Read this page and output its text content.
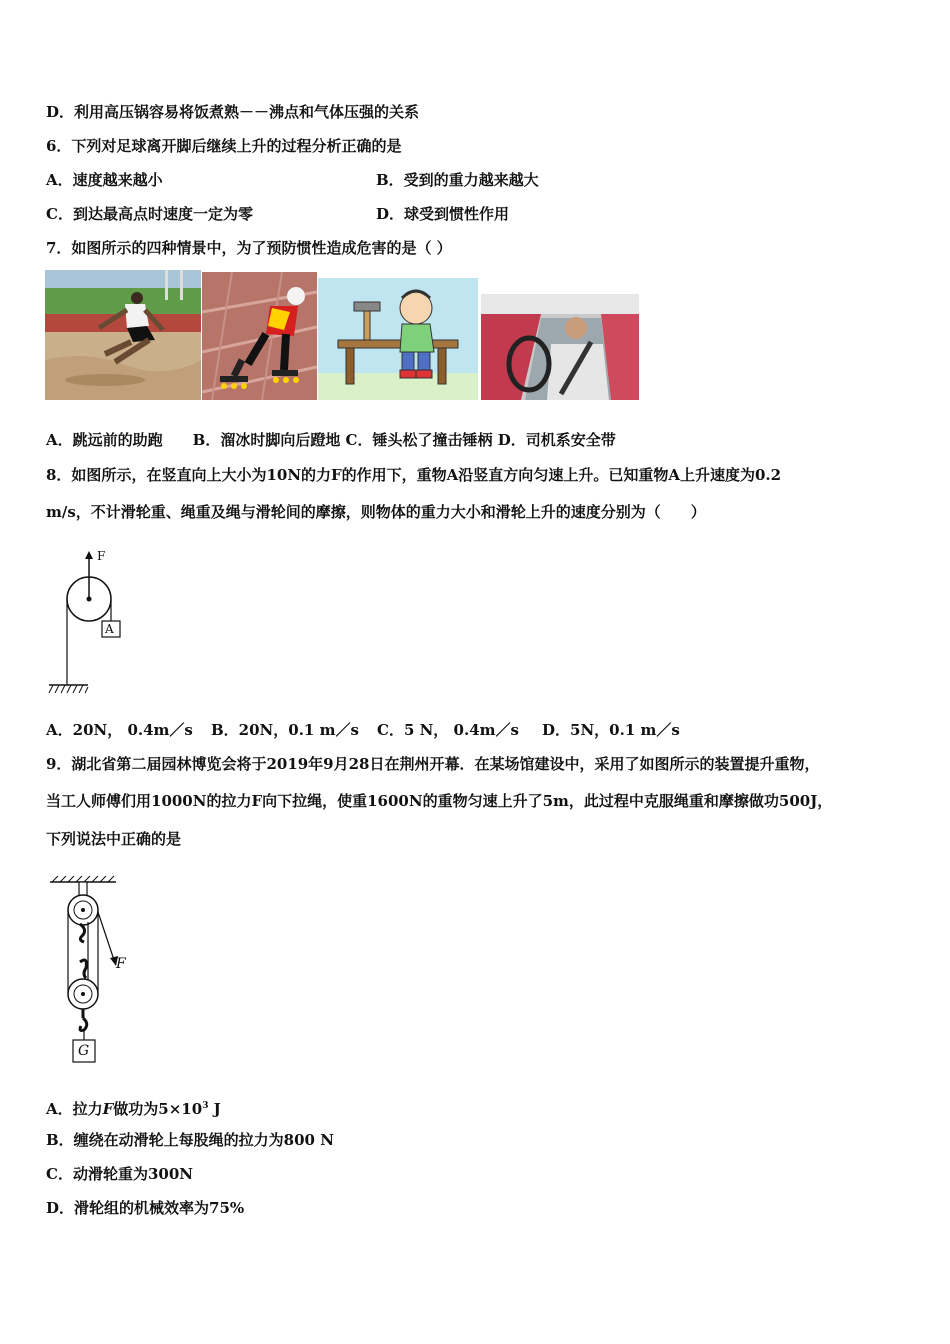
D．利用高压锅容易将饭煮熟－－沸点和气体压强的关系
6．下列对足球离开脚后继续上升的过程分析正确的是
A．速度越来越小	B．受到的重力越来越大
C．到达最高点时速度一定为零	D．球受到惯性作用
7．如图所示的四种情景中，为了预防惯性造成危害的是（ ）
A．跳远前的助跑　　B．溜冰时脚向后蹬地 C．锤头松了撞击锤柄 D．司机系安全带
8．如图所示，在竖直向上大小为10N的力F的作用下，重物A沿竖直方向匀速上升。已知重物A上升速度为0.2
m/s，不计滑轮重、绳重及绳与滑轮间的摩擦，则物体的重力大小和滑轮上升的速度分别为（　　）
F
A
A．20N， 0.4m／s B．20N，0.1 m／s C．5 N， 0.4m／s D．5N，0.1 m／s
9．湖北省第二届园林博览会将于2019年9月28日在荆州开幕．在某场馆建设中，采用了如图所示的装置提升重物，
当工人师傅们用1000N的拉力F向下拉绳，使重1600N的重物匀速上升了5m，此过程中克服绳重和摩擦做功500J，
下列说法中正确的是
F
G
A．拉力F做功为$5\times 10^3$ J
B．缠绕在动滑轮上每股绳的拉力为800 N
C．动滑轮重为300N
D．滑轮组的机械效率为75%
